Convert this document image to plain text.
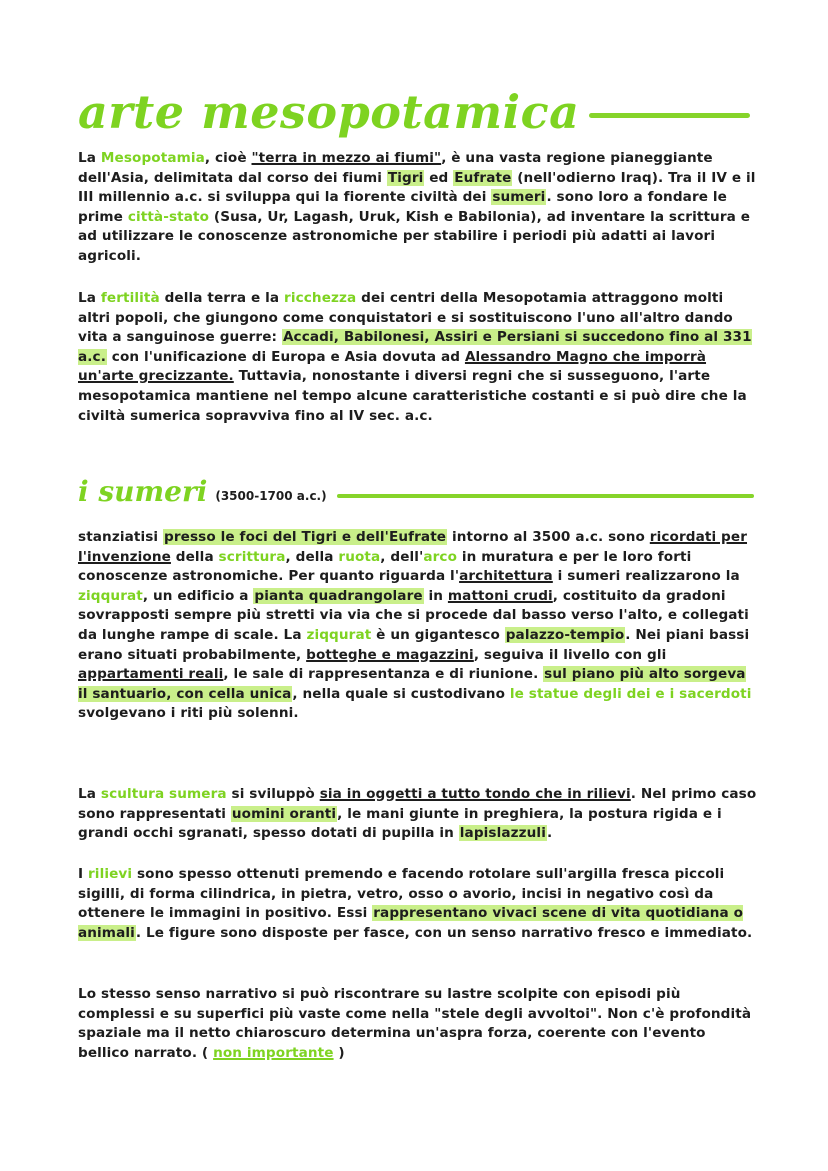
arte mesopotamica

La Mesopotamia, cioè "terra in mezzo ai fiumi", è una vasta regione pianeggiante dell'Asia, delimitata dal corso dei fiumi Tigri ed Eufrate (nell'odierno Iraq). Tra il IV e il III millennio a.c. si sviluppa qui la fiorente civiltà dei sumeri. sono loro a fondare le prime città-stato (Susa, Ur, Lagash, Uruk, Kish e Babilonia), ad inventare la scrittura e ad utilizzare le conoscenze astronomiche per stabilire i periodi più adatti ai lavori agricoli.

La fertilità della terra e la ricchezza dei centri della Mesopotamia attraggono molti altri popoli, che giungono come conquistatori e si sostituiscono l'uno all'altro dando vita a sanguinose guerre: Accadi, Babilonesi, Assiri e Persiani si succedono fino al 331 a.c. con l'unificazione di Europa e Asia dovuta ad Alessandro Magno che imporrà un'arte grecizzante. Tuttavia, nonostante i diversi regni che si susseguono, l'arte mesopotamica mantiene nel tempo alcune caratteristiche costanti e si può dire che la civiltà sumerica sopravviva fino al IV sec. a.c.

i sumeri (3500-1700 a.c.)

stanziatisi presso le foci del Tigri e dell'Eufrate intorno al 3500 a.c. sono ricordati per l'invenzione della scrittura, della ruota, dell'arco in muratura e per le loro forti conoscenze astronomiche. Per quanto riguarda l'architettura i sumeri realizzarono la ziqqurat, un edificio a pianta quadrangolare in mattoni crudi, costituito da gradoni sovrapposti sempre più stretti via via che si procede dal basso verso l'alto, e collegati da lunghe rampe di scale. La ziqqurat è un gigantesco palazzo-tempio. Nei piani bassi erano situati probabilmente, botteghe e magazzini, seguiva il livello con gli appartamenti reali, le sale di rappresentanza e di riunione. sul piano più alto sorgeva il santuario, con cella unica, nella quale si custodivano le statue degli dei e i sacerdoti svolgevano i riti più solenni.

La scultura sumera si sviluppò sia in oggetti a tutto tondo che in rilievi. Nel primo caso sono rappresentati uomini oranti, le mani giunte in preghiera, la postura rigida e i grandi occhi sgranati, spesso dotati di pupilla in lapislazzuli.

I rilievi sono spesso ottenuti premendo e facendo rotolare sull'argilla fresca piccoli sigilli, di forma cilindrica, in pietra, vetro, osso o avorio, incisi in negativo così da ottenere le immagini in positivo. Essi rappresentano vivaci scene di vita quotidiana o animali. Le figure sono disposte per fasce, con un senso narrativo fresco e immediato.

Lo stesso senso narrativo si può riscontrare su lastre scolpite con episodi più complessi e su superfici più vaste come nella "stele degli avvoltoi". Non c'è profondità spaziale ma il netto chiaroscuro determina un'aspra forza, coerente con l'evento bellico narrato. ( non importante )
